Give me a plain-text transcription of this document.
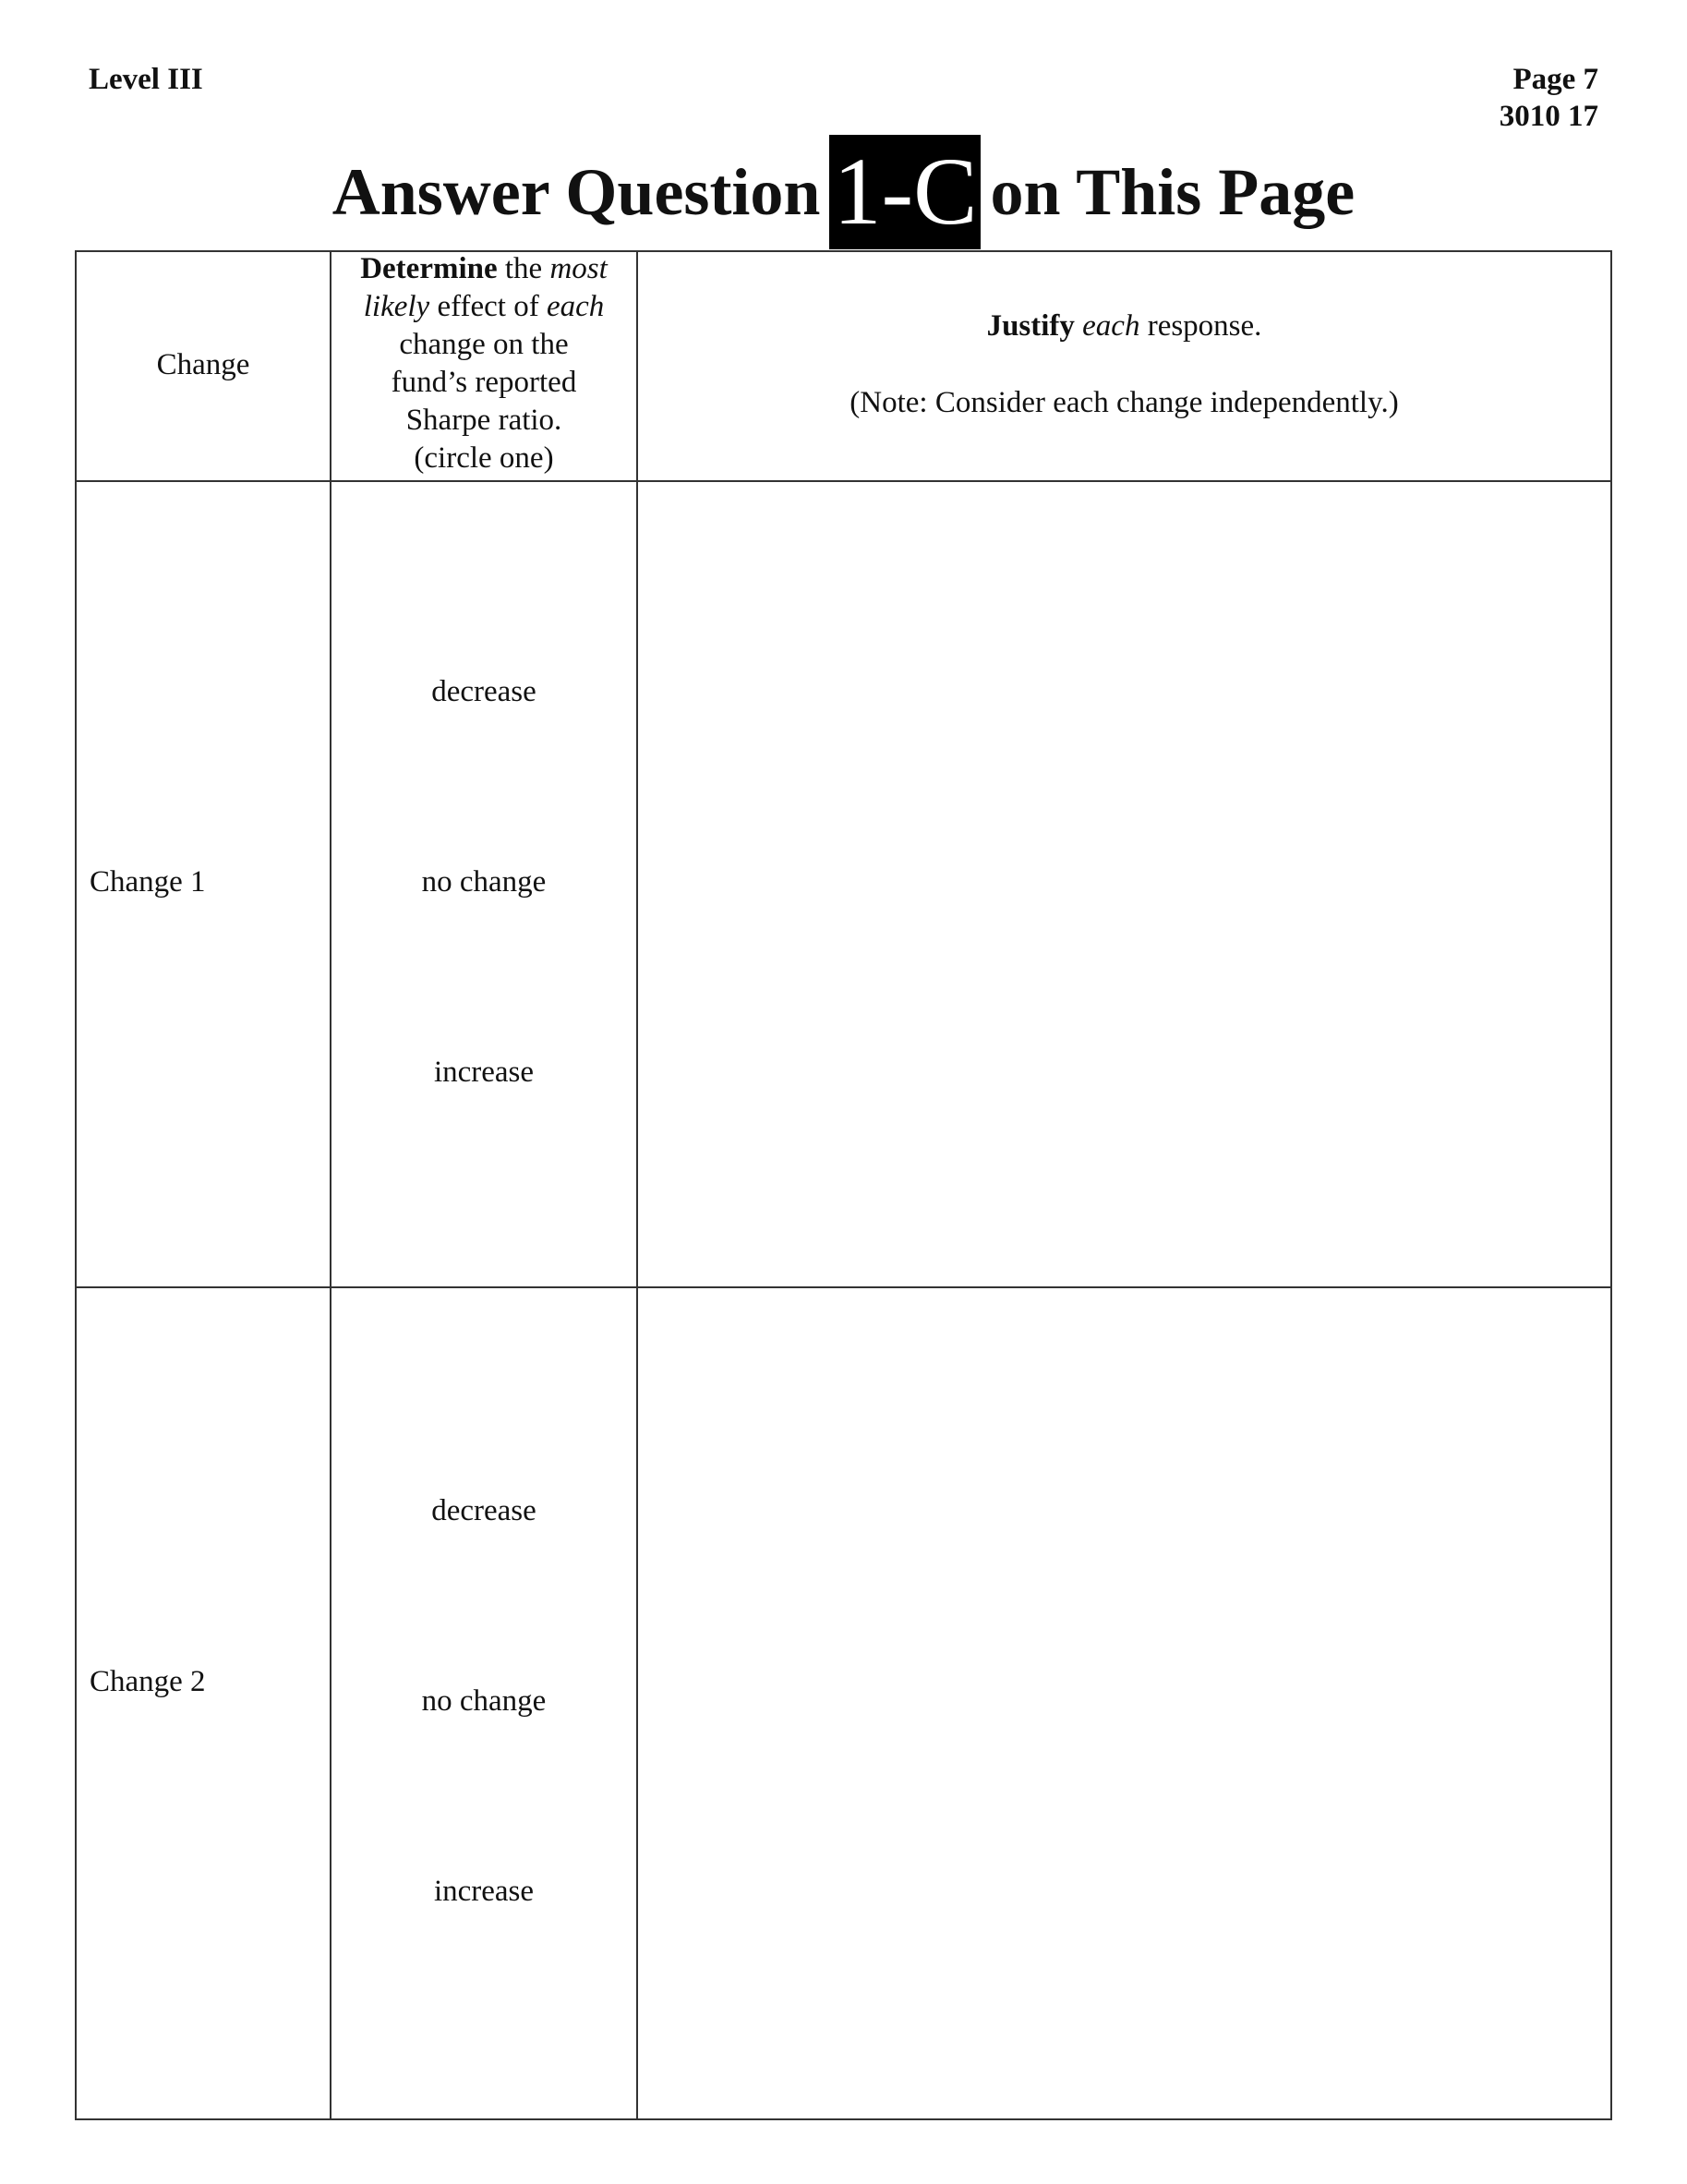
Level III	Page 7
3010 17
Answer Question 1-C on This Page
Change
Determine the most
likely effect of each
change on the
fund’s reported
Sharpe ratio.
(circle one)
Justify each response.
(Note: Consider each change independently.)
Change 1
decrease
no change
increase
Change 2
decrease
no change
increase
